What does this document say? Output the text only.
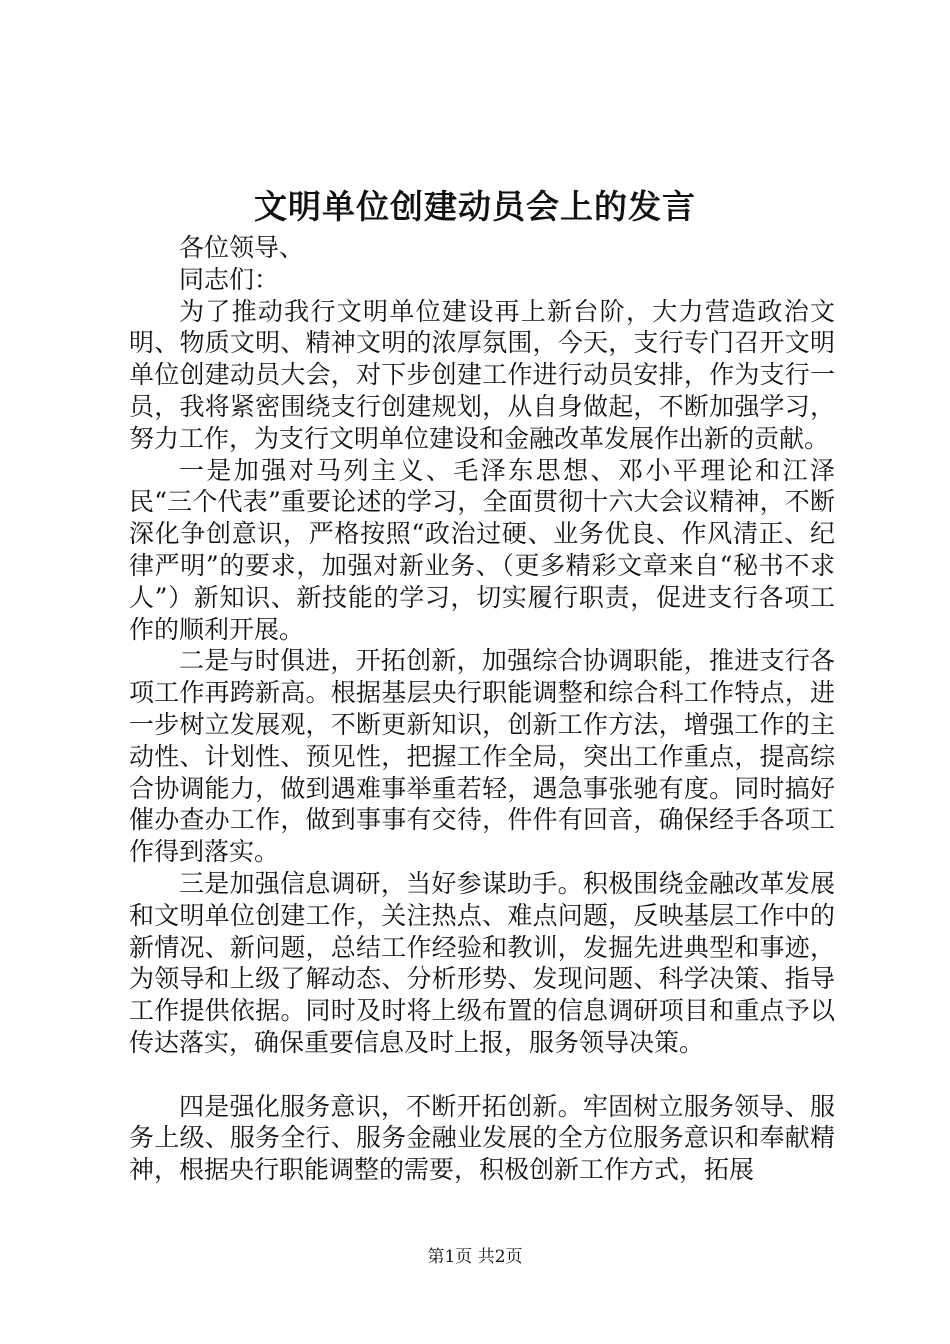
文明单位创建动员会上的发言

各位领导、

同志们：

为了推动我行文明单位建设再上新台阶，大力营造政治文明、物质文明、精神文明的浓厚氛围，今天，支行专门召开文明单位创建动员大会，对下步创建工作进行动员安排，作为支行一员，我将紧密围绕支行创建规划，从自身做起，不断加强学习，努力工作，为支行文明单位建设和金融改革发展作出新的贡献。

一是加强对马列主义、毛泽东思想、邓小平理论和江泽民“三个代表”重要论述的学习，全面贯彻十六大会议精神，不断深化争创意识，严格按照“政治过硬、业务优良、作风清正、纪律严明”的要求，加强对新业务、（更多精彩文章来自“秘书不求人”）新知识、新技能的学习，切实履行职责，促进支行各项工作的顺利开展。

二是与时俱进，开拓创新，加强综合协调职能，推进支行各项工作再跨新高。根据基层央行职能调整和综合科工作特点，进一步树立发展观，不断更新知识，创新工作方法，增强工作的主动性、计划性、预见性，把握工作全局，突出工作重点，提高综合协调能力，做到遇难事举重若轻，遇急事张驰有度。同时搞好催办查办工作，做到事事有交待，件件有回音，确保经手各项工作得到落实。

三是加强信息调研，当好参谋助手。积极围绕金融改革发展和文明单位创建工作，关注热点、难点问题，反映基层工作中的新情况、新问题，总结工作经验和教训，发掘先进典型和事迹，为领导和上级了解动态、分析形势、发现问题、科学决策、指导工作提供依据。同时及时将上级布置的信息调研项目和重点予以传达落实，确保重要信息及时上报，服务领导决策。

四是强化服务意识，不断开拓创新。牢固树立服务领导、服务上级、服务全行、服务金融业发展的全方位服务意识和奉献精神，根据央行职能调整的需要，积极创新工作方式，拓展

第1页 共2页
